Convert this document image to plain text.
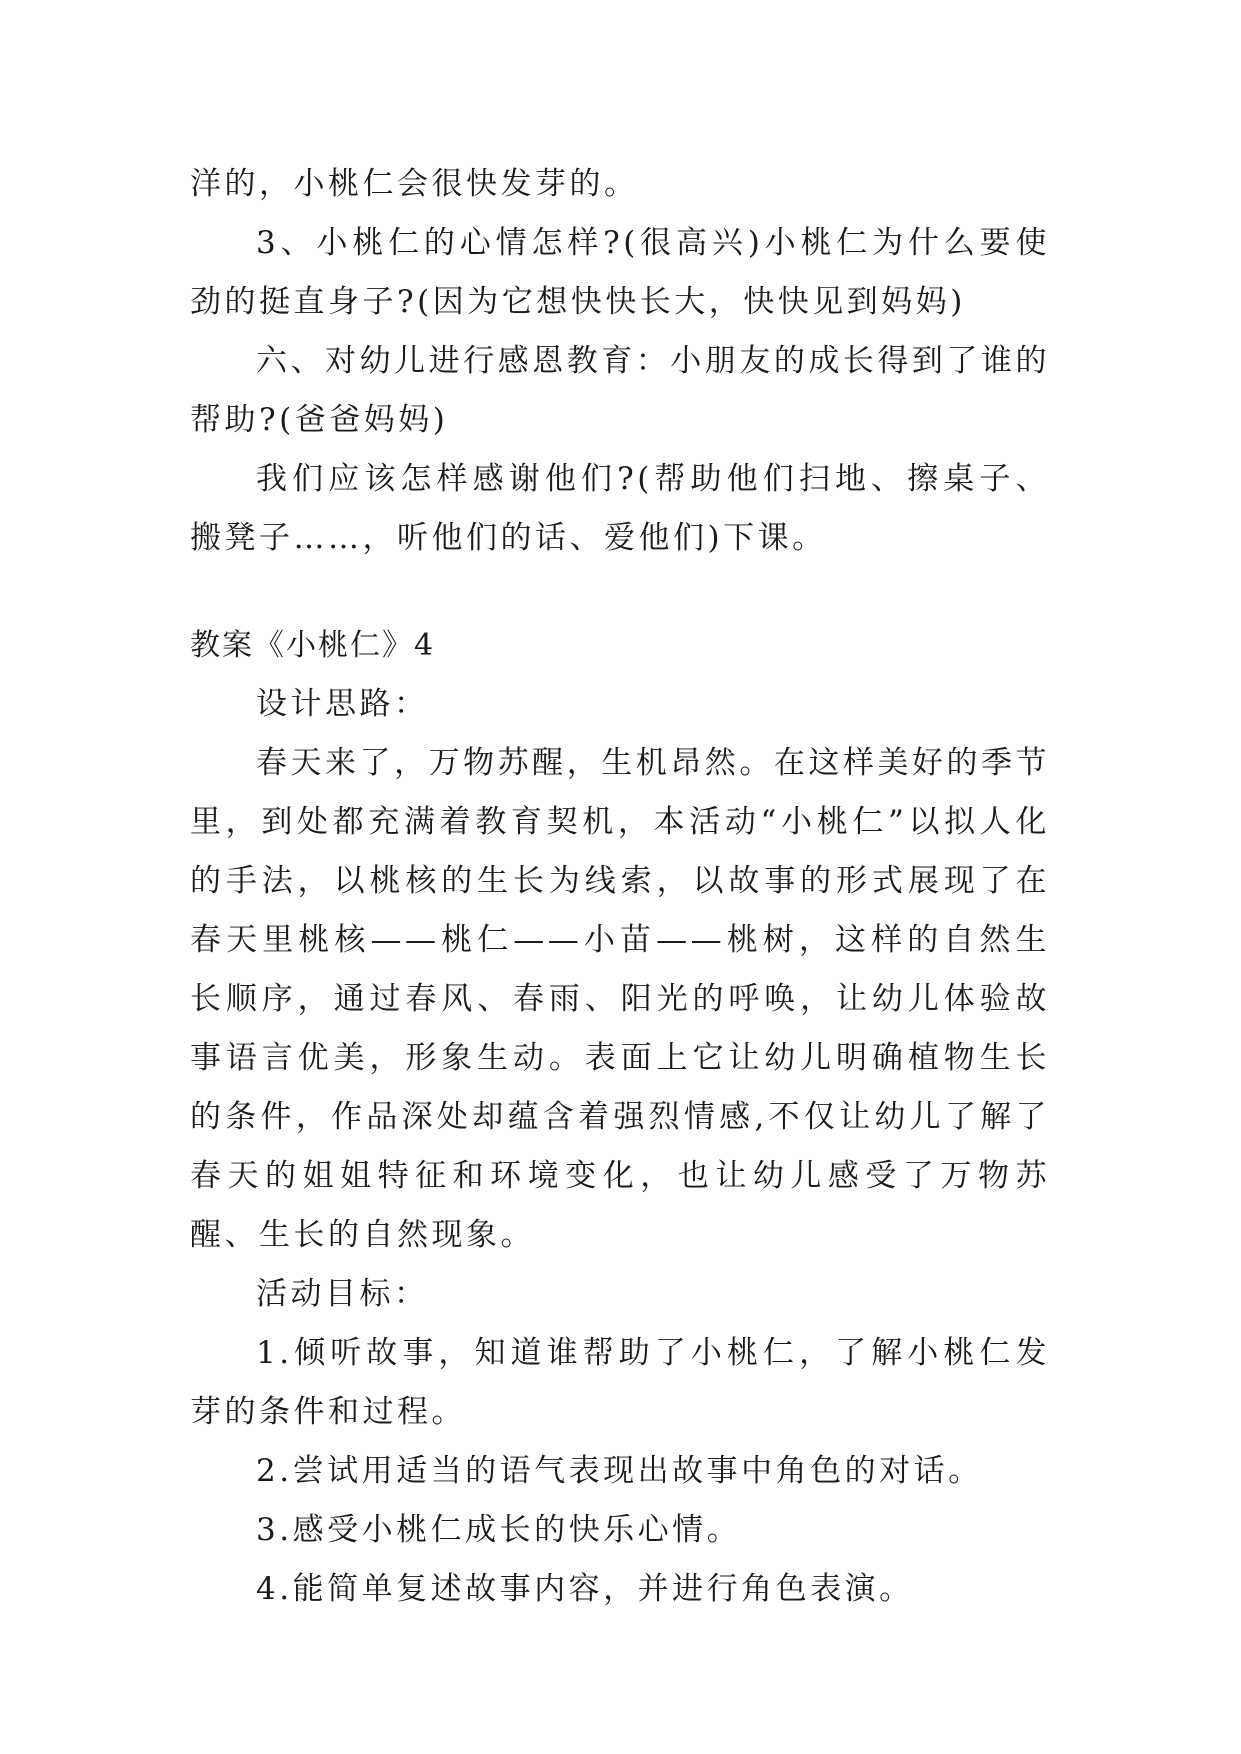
洋的，小桃仁会很快发芽的。

3、小桃仁的心情怎样?(很高兴)小桃仁为什么要使劲的挺直身子?(因为它想快快长大，快快见到妈妈)

六、对幼儿进行感恩教育：小朋友的成长得到了谁的帮助?(爸爸妈妈)

我们应该怎样感谢他们?(帮助他们扫地、擦桌子、搬凳子……，听他们的话、爱他们)下课。

教案《小桃仁》4

设计思路：

春天来了，万物苏醒，生机昂然。在这样美好的季节里，到处都充满着教育契机，本活动“小桃仁”以拟人化的手法，以桃核的生长为线索，以故事的形式展现了在春天里桃核——桃仁——小苗——桃树，这样的自然生长顺序，通过春风、春雨、阳光的呼唤，让幼儿体验故事语言优美，形象生动。表面上它让幼儿明确植物生长的条件，作品深处却蕴含着强烈情感,不仅让幼儿了解了春天的姐姐特征和环境变化，也让幼儿感受了万物苏醒、生长的自然现象。

活动目标：

1.倾听故事，知道谁帮助了小桃仁，了解小桃仁发芽的条件和过程。

2.尝试用适当的语气表现出故事中角色的对话。

3.感受小桃仁成长的快乐心情。

4.能简单复述故事内容，并进行角色表演。
